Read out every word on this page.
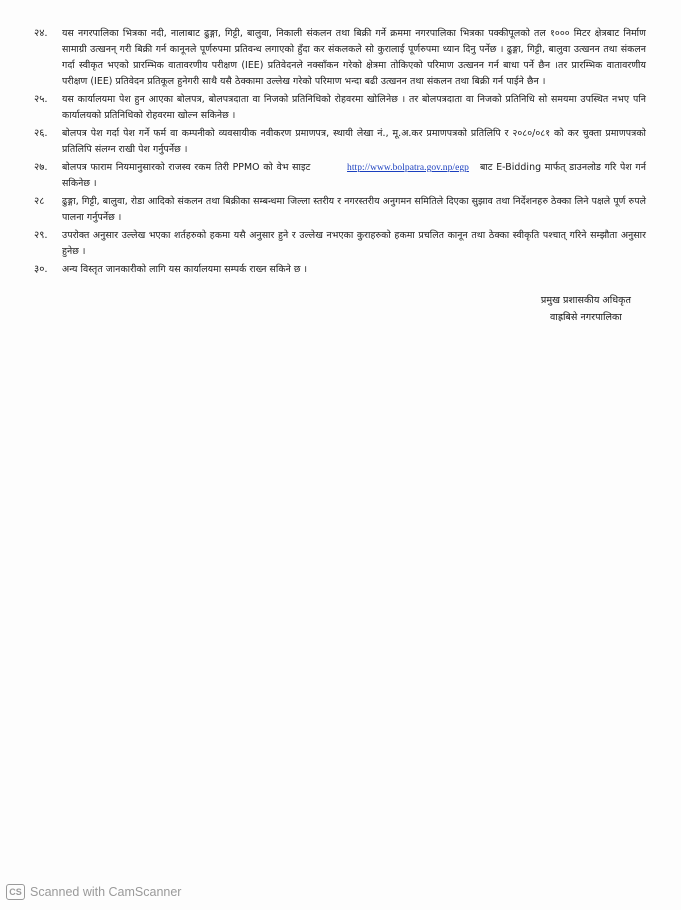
२४.	यस नगरपालिका भित्रका नदी, नालाबाट ढुङ्गा, गिट्टी, बालुवा, निकाली संकलन तथा बिक्री गर्ने क्रममा नगरपालिका भित्रका पक्कीपूलको तल १००० मिटर क्षेत्रबाट निर्माण सामाग्री उत्खनन् गरी बिक्री गर्न कानूनले पूर्णरुपमा प्रतिवन्ध लगाएको हुँदा कर संकलकले सो कुरालाई पूर्णरुपमा ध्यान दिनु पर्नेछ । ढुङ्गा, गिट्टी, बालुवा उत्खनन तथा संकलन गर्दा स्वीकृत भएको प्रारम्भिक वातावरणीय परीक्षण (IEE) प्रतिवेदनले नक्साँकन गरेको क्षेत्रमा तोकिएको परिमाण उत्खनन गर्न बाधा पर्ने छैन ।तर प्रारम्भिक वातावरणीय परीक्षण (IEE) प्रतिवेदन प्रतिकूल हुनेगरी साथै यसै ठेक्कामा उल्लेख गरेको परिमाण भन्दा बढी उत्खनन तथा संकलन तथा बिक्री गर्न पाईने छैन ।
२५.	यस कार्यालयमा पेश हुन आएका बोलपत्र, बोलपत्रदाता वा निजको प्रतिनिधिको रोहवरमा खोलिनेछ । तर बोलपत्रदाता वा निजको प्रतिनिधि सो समयमा उपस्थित नभए पनि कार्यालयको प्रतिनिधिको रोहवरमा खोल्न सकिनेछ ।
२६.	बोलपत्र पेश गर्दा पेश गर्ने फर्म वा कम्पनीको व्यवसायीक नवीकरण प्रमाणपत्र, स्थायी लेखा नं., मू.अ.कर प्रमाणपत्रको प्रतिलिपि र २०८०/०८१ को कर चुक्ता प्रमाणपत्रको प्रतिलिपि संलग्न राखी पेश गर्नुपर्नेछ ।
२७.	बोलपत्र फाराम नियमानुसारको राजस्व रकम तिरी PPMO को वेभ साइट	http://www.bolpatra.gov.np/egp बाट E-Bidding मार्फत् डाउनलोड गरि पेश गर्न सकिनेछ ।
२८	ढुङ्गा, गिट्टी, बालुवा, रोडा आदिको संकलन तथा बिक्रीका सम्बन्धमा जिल्ला स्तरीय र नगरस्तरीय अनुगमन समितिले दिएका सुझाव तथा निर्देशनहरु ठेक्का लिने पक्षले पूर्ण रुपले पालना गर्नुपर्नेछ ।
२९.	उपरोक्त अनुसार उल्लेख भएका शर्तहरुको हकमा यसै अनुसार हुने र उल्लेख नभएका कुराहरुको हकमा प्रचलित कानून तथा ठेक्का स्वीकृति पश्चात् गरिने सम्झौता अनुसार हुनेछ ।
३०.	अन्य विस्तृत जानकारीको लागि यस कार्यालयमा सम्पर्क राख्न सकिने छ ।
प्रमुख प्रशासकीय अधिकृत
वाह्रबिसे नगरपालिका
CS Scanned with CamScanner
